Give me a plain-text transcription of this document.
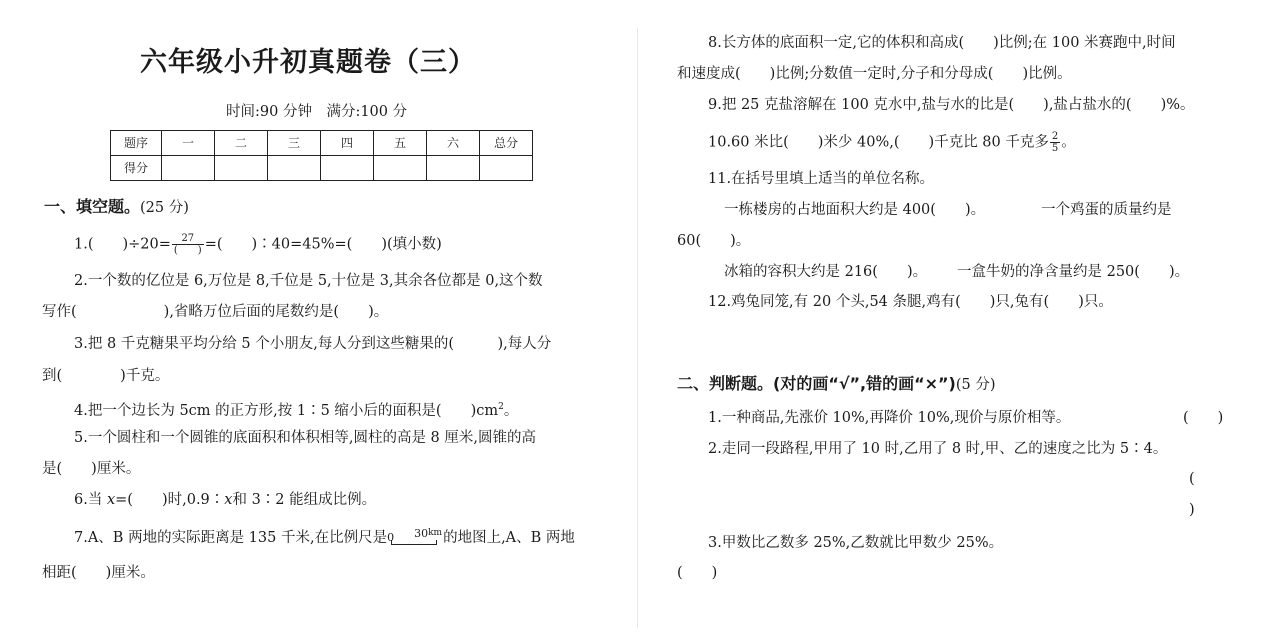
六年级小升初真题卷（三）
时间:90 分钟　满分:100 分
题序	一	二	三	四	五	六	总分
得分							
一、填空题。(25 分)
1.(　　)$\div 20= \frac{27}{( )}$ =(　　)∶40=45%=(　　)(填小数)
2.一个数的亿位是 6,万位是 8,千位是 5,十位是 3,其余各位都是 0,这个数
写作(　　　　　　),省略万位后面的尾数约是(　　)。
3.把 8 千克糖果平均分给 5 个小朋友,每人分到这些糖果的(　　　),每人分
到(　　　　)千克。
4.把一个边长为 5cm 的正方形,按 1∶5 缩小后的面积是(　　)$cm^2$。
5.一个圆柱和一个圆锥的底面积和体积相等,圆柱的高是 8 厘米,圆锥的高
是(　　)厘米。
6.当 x=(　　)时,0.9∶x和 3∶2 能组成比例。
7.A、B 两地的实际距离是 135 千米,在比例尺是 0 30 km 的地图上,A、B 两地
相距(　　)厘米。
8.长方体的底面积一定,它的体积和高成(　　)比例;在 100 米赛跑中,时间
和速度成(　　)比例;分数值一定时,分子和分母成(　　)比例。
9.把 25 克盐溶解在 100 克水中,盐与水的比是(　　),盐占盐水的(　　)%。
10.60 米比(　　)米少 40%,(　　)千克比 80 千克多 $\frac{2}{5}$ 。
11.在括号里填上适当的单位名称。
一栋楼房的占地面积大约是 400(　　)。	一个鸡蛋的质量约是
60(　　)。
冰箱的容积大约是 216(　　)。 一盒牛奶的净含量约是 250(　　)。
12.鸡兔同笼,有 20 个头,54 条腿,鸡有(　　)只,兔有(　　)只。
二、判断题。(对的画“√”,错的画“×”)(5 分)
1.一种商品,先涨价 10%,再降价 10%,现价与原价相等。	(　　)
2.走同一段路程,甲用了 10 时,乙用了 8 时,甲、乙的速度之比为 5∶4。
(
)
3.甲数比乙数多 25%,乙数就比甲数少 25%。
(　　)
